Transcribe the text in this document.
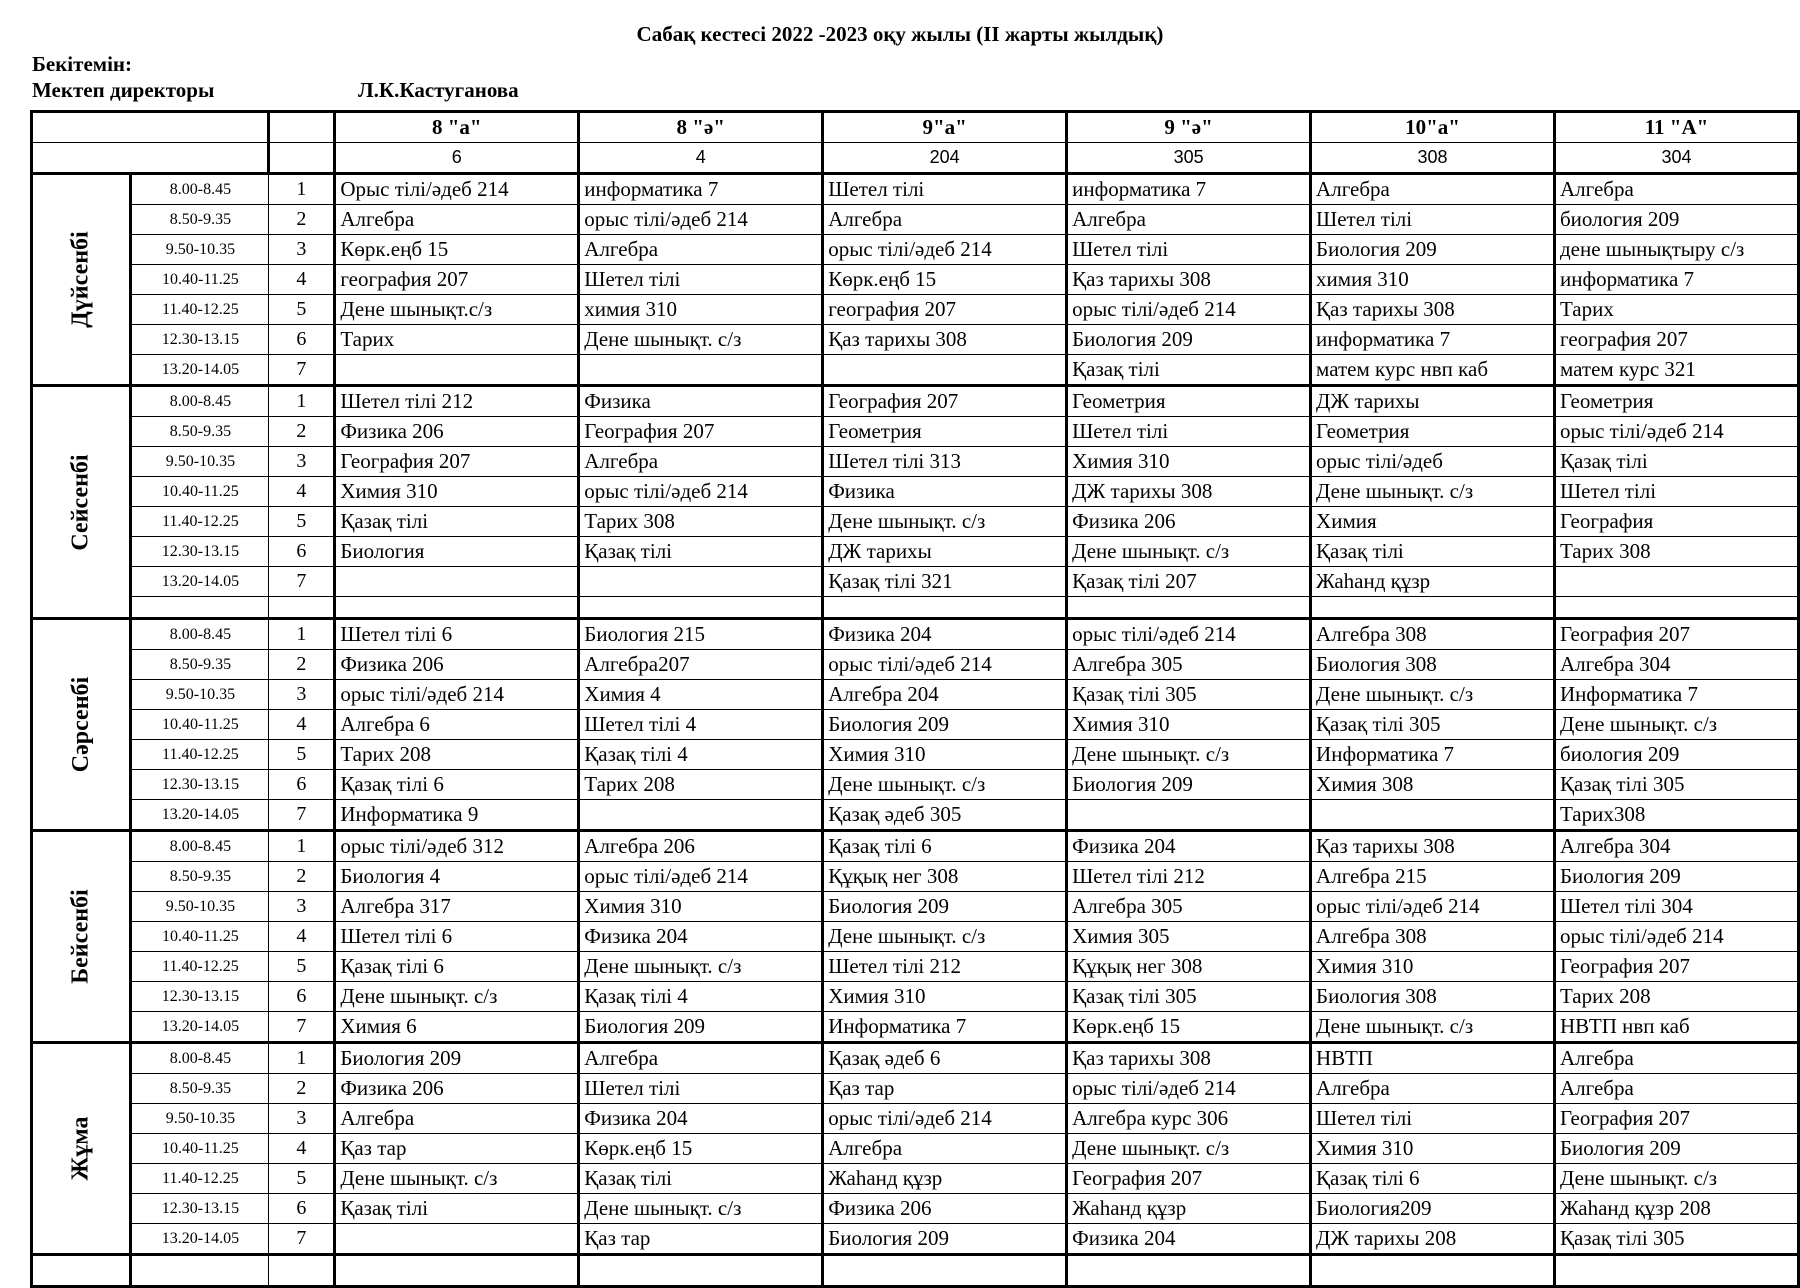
Сабақ кестесі 2022 -2023 оқу жылы (II жарты жылдық)
Бекітемін:
Мектеп директоры	Л.К.Кастуганова
			8 "а"	8 "ә"	9"а"	9 "ә"	10"а"	11 "А"
			6	4	204	305	308	304
Дүйсенбі	8.00-8.45	1	Орыс тілі/әдеб 214	информатика 7	Шетел тілі	информатика 7	Алгебра	Алгебра
	8.50-9.35	2	Алгебра	орыс тілі/әдеб 214	Алгебра	Алгебра	Шетел тілі	биология 209
	9.50-10.35	3	Көрк.еңб 15	Алгебра	орыс тілі/әдеб 214	Шетел тілі	Биология 209	дене шынықтыру с/з
	10.40-11.25	4	география 207	Шетел тілі	Көрк.еңб 15	Қаз тарихы 308	химия 310	информатика 7
	11.40-12.25	5	Дене шынықт.с/з	химия 310	география 207	орыс тілі/әдеб 214	Қаз тарихы 308	Тарих
	12.30-13.15	6	Тарих	Дене шынықт. с/з	Қаз тарихы 308	Биология 209	информатика 7	география 207
	13.20-14.05	7				Қазақ тілі	матем курс нвп каб	матем курс 321
Сейсенбі	8.00-8.45	1	Шетел тілі 212	Физика	География 207	Геометрия	ДЖ тарихы	Геометрия
	8.50-9.35	2	Физика 206	География 207	Геометрия	Шетел тілі	Геометрия	орыс тілі/әдеб 214
	9.50-10.35	3	География 207	Алгебра	Шетел тілі 313	Химия 310	орыс тілі/әдеб	Қазақ тілі
	10.40-11.25	4	Химия 310	орыс тілі/әдеб 214	Физика	ДЖ тарихы 308	Дене шынықт. с/з	Шетел тілі
	11.40-12.25	5	Қазақ тілі	Тарих 308	Дене шынықт. с/з	Физика 206	Химия	География
	12.30-13.15	6	Биология	Қазақ тілі	ДЖ тарихы	Дене шынықт. с/з	Қазақ тілі	Тарих 308
	13.20-14.05	7			Қазақ тілі 321	Қазақ тілі 207	Жаһанд құзр	

Сәрсенбі	8.00-8.45	1	Шетел тілі 6	Биология 215	Физика 204	орыс тілі/әдеб 214	Алгебра 308	География 207
	8.50-9.35	2	Физика 206	Алгебра207	орыс тілі/әдеб 214	Алгебра 305	Биология 308	Алгебра 304
	9.50-10.35	3	орыс тілі/әдеб 214	Химия 4	Алгебра 204	Қазақ тілі 305	Дене шынықт. с/з	Информатика 7
	10.40-11.25	4	Алгебра 6	Шетел тілі 4	Биология 209	Химия 310	Қазақ тілі 305	Дене шынықт. с/з
	11.40-12.25	5	Тарих 208	Қазақ тілі 4	Химия 310	Дене шынықт. с/з	Информатика 7	биология 209
	12.30-13.15	6	Қазақ тілі 6	Тарих 208	Дене шынықт. с/з	Биология 209	Химия 308	Қазақ тілі 305
	13.20-14.05	7	Информатика 9		Қазақ әдеб 305			Тарих308
Бейсенбі	8.00-8.45	1	орыс тілі/әдеб 312	Алгебра 206	Қазақ тілі 6	Физика 204	Қаз тарихы 308	Алгебра 304
	8.50-9.35	2	Биология 4	орыс тілі/әдеб 214	Құқық нег 308	Шетел тілі 212	Алгебра 215	Биология 209
	9.50-10.35	3	Алгебра 317	Химия 310	Биология 209	Алгебра 305	орыс тілі/әдеб 214	Шетел тілі 304
	10.40-11.25	4	Шетел тілі 6	Физика 204	Дене шынықт. с/з	Химия 305	Алгебра 308	орыс тілі/әдеб 214
	11.40-12.25	5	Қазақ тілі 6	Дене шынықт. с/з	Шетел тілі 212	Құқық нег 308	Химия 310	География 207
	12.30-13.15	6	Дене шынықт. с/з	Қазақ тілі 4	Химия 310	Қазақ тілі 305	Биология 308	Тарих 208
	13.20-14.05	7	Химия 6	Биология 209	Информатика 7	Көрк.еңб 15	Дене шынықт. с/з	НВТП нвп каб
Жұма	8.00-8.45	1	Биология 209	Алгебра	Қазақ әдеб 6	Қаз тарихы 308	НВТП	Алгебра
	8.50-9.35	2	Физика 206	Шетел тілі	Қаз тар	орыс тілі/әдеб 214	Алгебра	Алгебра
	9.50-10.35	3	Алгебра	Физика 204	орыс тілі/әдеб 214	Алгебра курс 306	Шетел тілі	География 207
	10.40-11.25	4	Қаз тар	Көрк.еңб 15	Алгебра	Дене шынықт. с/з	Химия 310	Биология 209
	11.40-12.25	5	Дене шынықт. с/з	Қазақ тілі	Жаһанд құзр	География 207	Қазақ тілі 6	Дене шынықт. с/з
	12.30-13.15	6	Қазақ тілі	Дене шынықт. с/з	Физика 206	Жаһанд құзр	Биология209	Жаһанд құзр 208
	13.20-14.05	7		Қаз тар	Биология 209	Физика 204	ДЖ тарихы 208	Қазақ тілі 305
